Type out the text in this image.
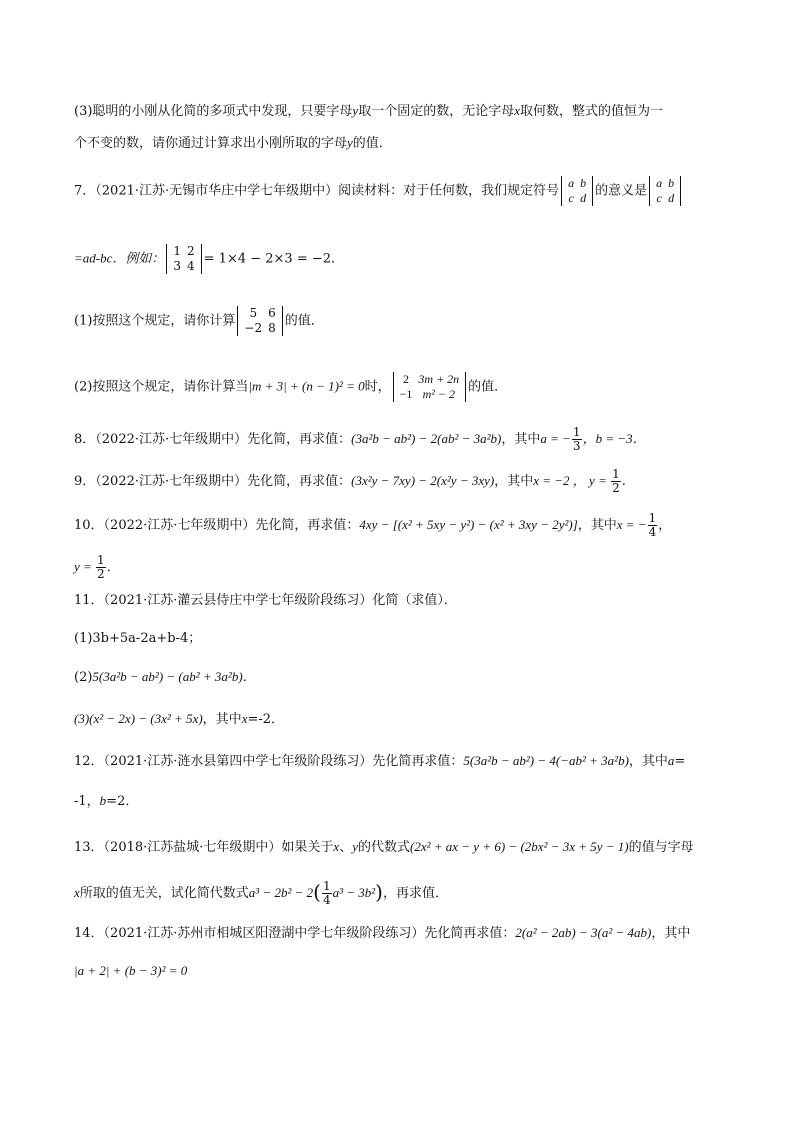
(3)聪明的小刚从化简的多项式中发现，只要字母y取一个固定的数，无论字母x取何数，整式的值恒为一
个不变的数，请你通过计算求出小刚所取的字母y的值．
7．（2021·江苏·无锡市华庄中学七年级期中）阅读材料：对于任何数，我们规定符号
a	b
c	d 的意义是
a	b
c	d
=ad-bc．例如： 1	2
3	4 = 1×4 − 2×3 = −2．
(1)按照这个规定，请你计算
5	6
−2	8 的值．
(2)按照这个规定，请你计算当|m + 3| + (n − 1)² = 0时，
2	3m + 2n
−1	m² − 2 的值．
8．（2022·江苏·七年级期中）先化简，再求值：(3a²b − ab²) − 2(ab² − 3a²b)，其中a = − $\frac{1}{3}$ ，b = −3．
9．（2022·江苏·七年级期中）先化简，再求值：(3x²y − 7xy) − 2(x²y − 3xy)，其中x = −2 ， $y = \frac{1}{2}$ .
10．（2022·江苏·七年级期中）先化简，再求值：4xy − [(x² + 5xy − y²) − (x² + 3xy − 2y²)]，其中x = − $\frac{1}{4}$ ，
$y = \frac{1}{2}$ ．
11．（2021·江苏·灌云县侍庄中学七年级阶段练习）化简（求值）．
(1)3b+5a-2a+b-4；
(2)5(3a²b − ab²) − (ab² + 3a²b)．
(3)(x² − 2x) − (3x² + 5x)，其中x=-2．
12．（2021·江苏·涟水县第四中学七年级阶段练习）先化简再求值：5(3a²b − ab²) − 4(−ab² + 3a²b)，其中a=
-1，b=2．
13．（2018·江苏盐城·七年级期中）如果关于x、y的代数式(2x² + ax − y + 6) − (2bx² − 3x + 5y − 1)的值与字母
x所取的值无关，试化简代数式$a^3 - 2b^2 - 2( \frac{1}{4} a^3 - 3b^2)$，再求值．
14．（2021·江苏·苏州市相城区阳澄湖中学七年级阶段练习）先化简再求值：2(a² − 2ab) − 3(a² − 4ab)，其中
|a + 2| + (b − 3)² = 0
